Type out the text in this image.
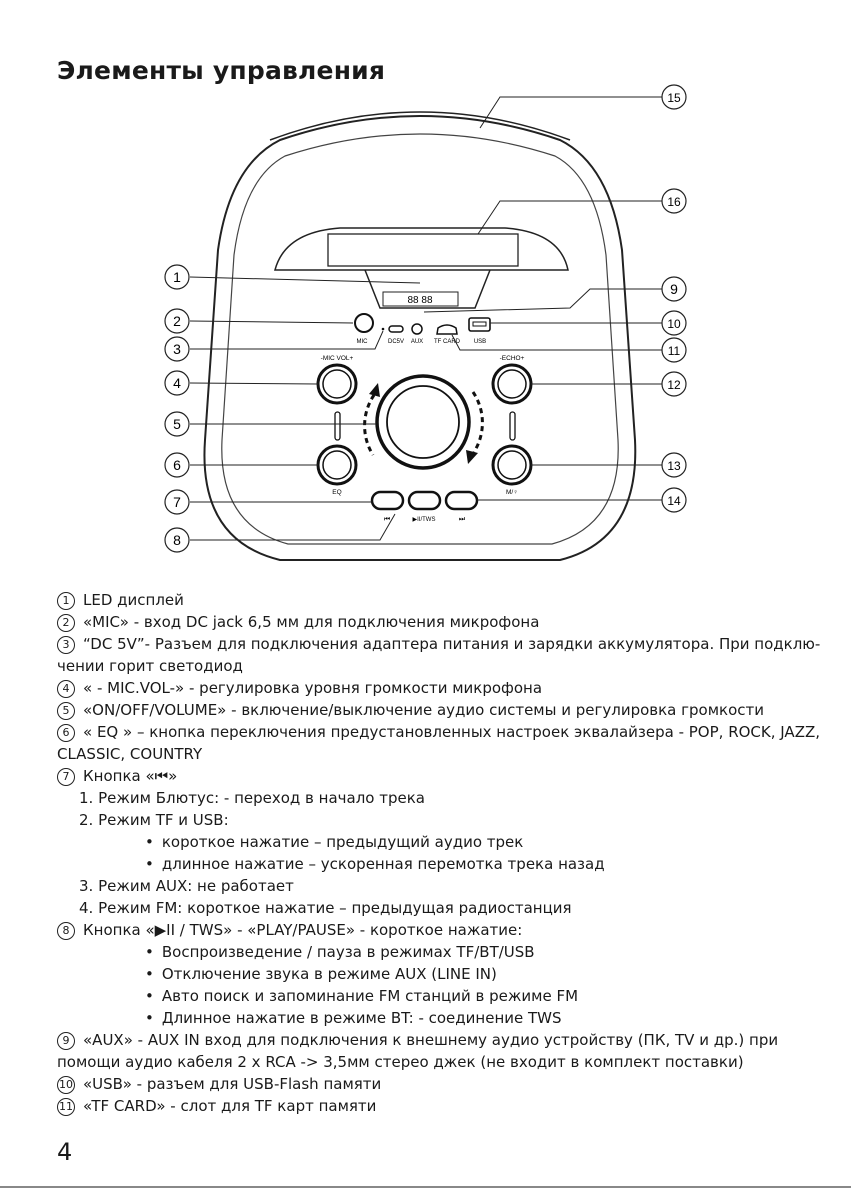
Элементы управления
88 88
MIC	DC5V AUX TF CARD USB
-MIC VOL+	-ECHO+
EQ	M/♀
⏮	▶II/TWS	⏭
1
2
3
4
5
6
7
8
15
16
9
10
11
12
13
14
1 LED дисплей
2 «MIC» - вход DC jack 6,5 мм для подключения микрофона
3 “DC 5V”- Разъем для подключения адаптера питания и зарядки аккумулятора. При подклю-
чении горит светодиод
4 « - MIC.VOL-» - регулировка уровня громкости микрофона
5 «ON/OFF/VOLUME» - включение/выключение аудио системы и регулировка громкости
6 « EQ » – кнопка переключения предустановленных настроек эквалайзера - POP, ROCK, JAZZ,
CLASSIC, COUNTRY
7 Кнопка «⏮»
1. Режим Блютус: - переход в начало трека
2. Режим TF и USB:
• короткое нажатие – предыдущий аудио трек
• длинное нажатие – ускоренная перемотка трека назад
3. Режим AUX: не работает
4. Режим FM: короткое нажатие – предыдущая радиостанция
8 Кнопка «▶II / TWS» - «PLAY/PAUSE» - короткое нажатие:
• Воспроизведение / пауза в режимах TF/BT/USB
• Отключение звука в режиме AUX (LINE IN)
• Авто поиск и запоминание FM станций в режиме FM
• Длинное нажатие в режиме BT: - соединение TWS
9 «AUX» - AUX IN вход для подключения к внешнему аудио устройству (ПК, TV и др.) при
помощи аудио кабеля 2 x RCA -> 3,5мм стерео джек (не входит в комплект поставки)
10 «USB» - разъем для USB-Flash памяти
11 «TF CARD» - слот для TF карт памяти
4
